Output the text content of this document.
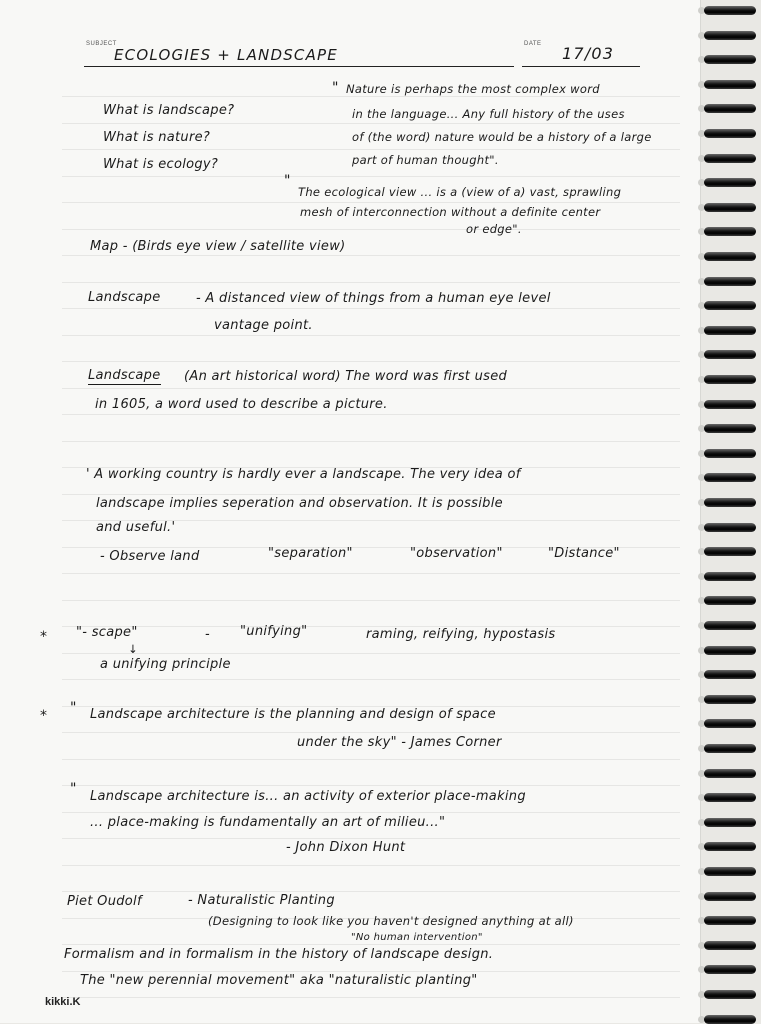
SUBJECT
ECOLOGIES + LANDSCAPE
DATE 17/03
What is landscape?
What is nature?
What is ecology?
" Nature is perhaps the most complex word
in the language... Any full history of the uses
of (the word) nature would be a history of a large
part of human thought".
"
The ecological view ... is a (view of a) vast, sprawling
mesh of interconnection without a definite center
or edge".
Map - (Birds eye view / satellite view)
Landscape	- A distanced view of things from a human eye level
vantage point.
Landscape (An art historical word) The word was first used
in 1605, a word used to describe a picture.
' A working country is hardly ever a landscape. The very idea of
landscape implies seperation and observation. It is possible
and useful.'
- Observe land	"separation"	"observation"	"Distance"
* "- scape"	- "unifying"	raming, reifying, hypostasis
↓
a unifying principle
* " Landscape architecture is the planning and design of space
under the sky" - James Corner
" Landscape architecture is... an activity of exterior place-making
... place-making is fundamentally an art of milieu..."
- John Dixon Hunt
Piet Oudolf	- Naturalistic Planting
(Designing to look like you haven't designed anything at all)
"No human intervention"
Formalism and in formalism in the history of landscape design.
The "new perennial movement" aka "naturalistic planting"
kikki.K
